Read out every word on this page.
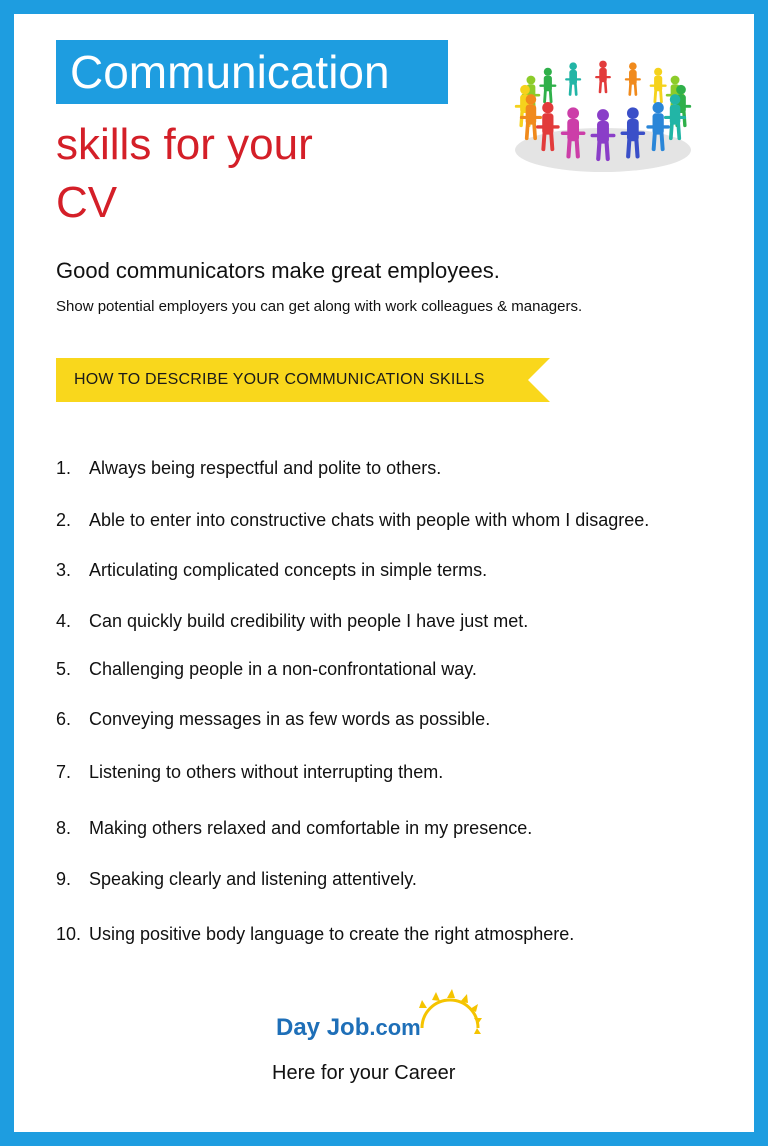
Communication
skills for your CV
Good communicators make great employees.
Show potential employers you can get along with work colleagues & managers.
HOW TO DESCRIBE YOUR COMMUNICATION SKILLS
1. Always being respectful and polite to others.
2. Able to enter into constructive chats with people with whom I disagree.
3. Articulating complicated concepts in simple terms.
4. Can quickly build credibility with people I have just met.
5. Challenging people in a non-confrontational way.
6. Conveying messages in as few words as possible.
7. Listening to others without interrupting them.
8. Making others relaxed and comfortable in my presence.
9. Speaking clearly and listening attentively.
10. Using positive body language to create the right atmosphere.
Day Job.com
Here for your Career
